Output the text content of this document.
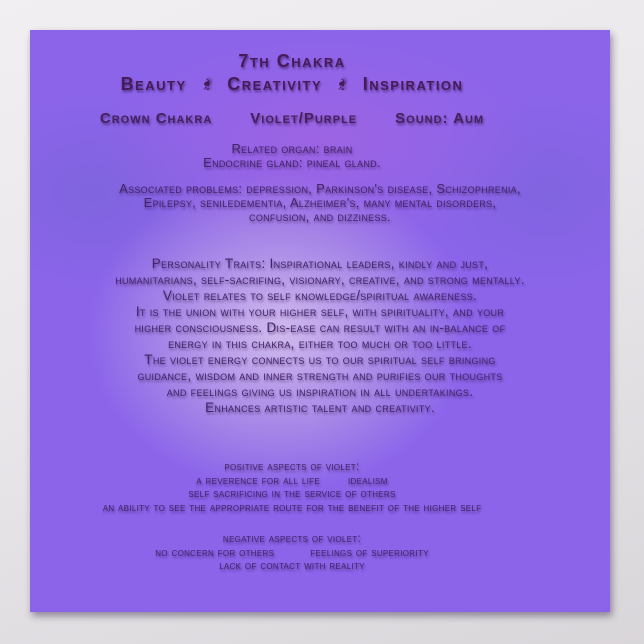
7th Chakra
Beauty ❧ Creativity ❧ Inspiration
Crown Chakra	Violet/Purple	Sound: Aum
Related organ: brain
Endocrine gland: pineal gland.
Associated problems: depression, Parkinson's disease, Schizophrenia,
Epilepsy, seniledementia, Alzheimer's, many mental disorders,
confusion, and dizziness.
Personality Traits: Inspirational leaders, kindly and just,
humanitarians, self-sacrifing, visionary, creative, and strong mentally.
Violet relates to self knowledge/spiritual awareness.
It is the union with your higher self, with spirituality, and your
higher consciousness. Dis-ease can result with an in-balance of
energy in this chakra, either too much or too little.
The violet energy connects us to our spiritual self bringing
guidance, wisdom and inner strength and purifies our thoughts
and feelings giving us inspiration in all undertakings.
Enhances artistic talent and creativity.
positive aspects of violet:
a reverence for all life idealism
self sacrificing in the service of others
an ability to see the appropriate route for the benefit of the higher self
negative aspects of violet:
no concern for others	feelings of superiority
lack of contact with reality
